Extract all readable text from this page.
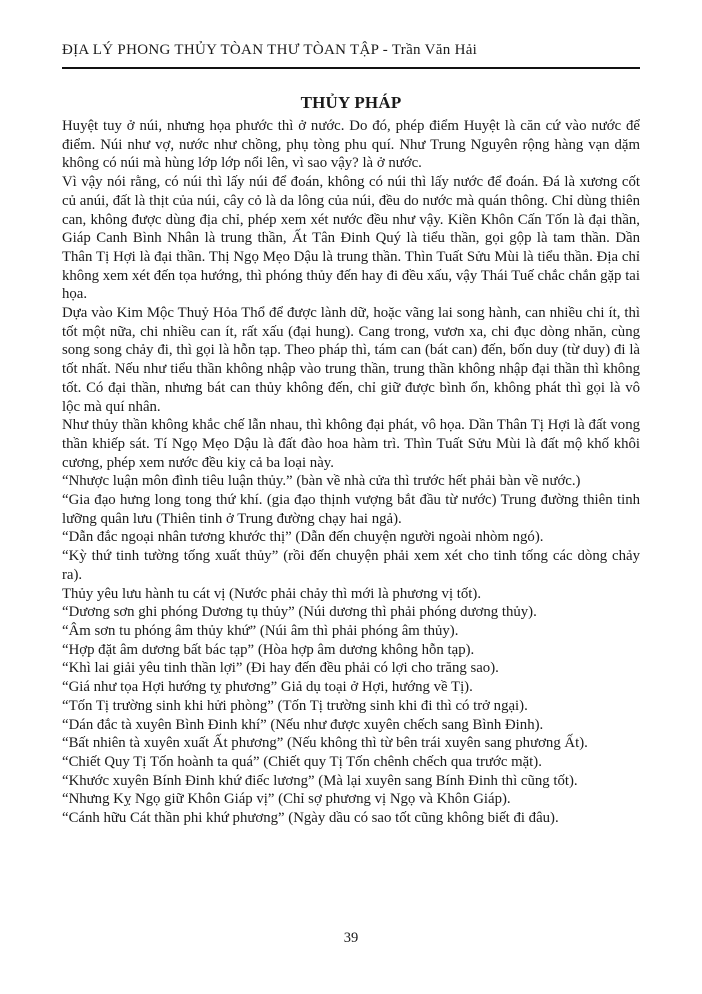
ĐỊA LÝ PHONG THỦY TÒAN THƯ TÒAN TẬP - Trần Văn Hải
THỦY PHÁP

Huyệt tuy ở núi, nhưng họa phước thì ở nước. Do đó, phép điểm Huyệt là căn cứ vào nước để điểm. Núi như vợ, nước như chồng, phụ tòng phu quí. Như Trung Nguyên rộng hàng vạn dặm không có núi mà hùng lớp lớp nổi lên, vì sao vậy? là ở nước.

Vì vậy nói rằng, có núi thì lấy núi để đoán, không có núi thì lấy nước để đoán. Đá là xương cốt củ anúi, đất là thịt của núi, cây cỏ là da lông của núi, đều do nước mà quán thông. Chỉ dùng thiên can, không được dùng địa chỉ, phép xem xét nước đều như vậy. Kiền Khôn Cấn Tốn là đại thần, Giáp Canh Bình Nhân là trung thần, Ất Tân Đinh Quý là tiểu thần, gọi gộp là tam thần. Dần Thân Tị Hợi là đại thần. Thị Ngọ Mẹo Dậu là trung thần. Thìn Tuất Sửu Mùi là tiểu thần. Địa chỉ không xem xét đến tọa hướng, thì phóng thủy đến hay đi đều xấu, vậy Thái Tuế chắc chắn gặp tai họa.

Dựa vào Kim Mộc Thuỷ Hỏa Thổ để được lành dữ, hoặc vãng lai song hành, can nhiều chi ít, thì tốt một nữa, chi nhiều can ít, rất xấu (đại hung). Cang trong, vươn xa, chi đục dòng nhăn, cùng song song chảy đi, thì gọi là hỗn tạp. Theo pháp thì, tám can (bát can) đến, bốn duy (từ duy) đi là tốt nhất. Nếu như tiểu thần không nhập vào trung thần, trung thần không nhập đại thần thì không tốt. Có đại thần, nhưng bát can thủy không đến, chỉ giữ được bình ổn, không phát thì gọi là vô lộc mà quí nhân.

Như thủy thần không khắc chế lẫn nhau, thì không đại phát, vô họa. Dần Thân Tị Hợi là đất vong thần khiếp sát. Tí Ngọ Mẹo Dậu là đất đào hoa hàm trì. Thìn Tuất Sửu Mùi là đất mộ khố khôi cương, phép xem nước đều kiỵ cả ba loại này.

“Nhược luận môn đình tiêu luận thủy.” (bàn về nhà cửa thì trước hết phải bàn về nước.)

“Gia đạo hưng long tong thứ khí. (gia đạo thịnh vượng bắt đầu từ nước) Trung đường thiên tinh lưỡng quân lưu (Thiên tinh ở Trung đường chạy hai ngả).

“Dẫn đắc ngoại nhân tương khước thị” (Dẫn đến chuyện người ngoài nhòm ngó).

“Kỳ thứ tinh tường tống xuất thủy” (rồi đến chuyện phải xem xét cho tinh tống các dòng chảy ra).

Thủy yêu lưu hành tu cát vị (Nước phải chảy thì mới là phương vị tốt).

“Dương sơn ghi phóng Dương tụ thủy” (Núi dương thì phải phóng dương thủy).

“Âm sơn tu phóng âm thủy khứ” (Núi âm thì phải phóng âm thủy).

“Hợp đặt âm dương bất bác tạp” (Hòa hợp âm dương không hỗn tạp).

“Khì lai giải yêu tinh thần lợi” (Đi hay đến đều phải có lợi cho trăng sao).

“Giá như tọa Hợi hướng tỵ phương” Giả dụ toại ở Hợi, hướng về Tị).

“Tốn Tị trường sinh khi hửi phòng” (Tốn Tị trường sinh khi đi thì có trở ngại).

“Dán đắc tà xuyên Bình Đinh khí” (Nếu như được xuyên chếch sang Bình Đinh).

“Bất nhiên tà xuyên xuất Ất phương” (Nếu không thì từ bên trái xuyên sang phương Ất).

“Chiết Quy Tị Tốn hoành ta quá” (Chiết quy Tị Tốn chênh chếch qua trước mặt).

“Khước xuyên Bính Đinh khứ điếc lương” (Mà lại xuyên sang Bính Đinh thì cũng tốt).

“Nhưng Kỵ Ngọ giữ Khôn Giáp vị” (Chỉ sợ phương vị Ngọ và Khôn Giáp).

“Cánh hữu Cát thần phi khứ phương” (Ngày dầu có sao tốt cũng không biết đi đâu).

39
